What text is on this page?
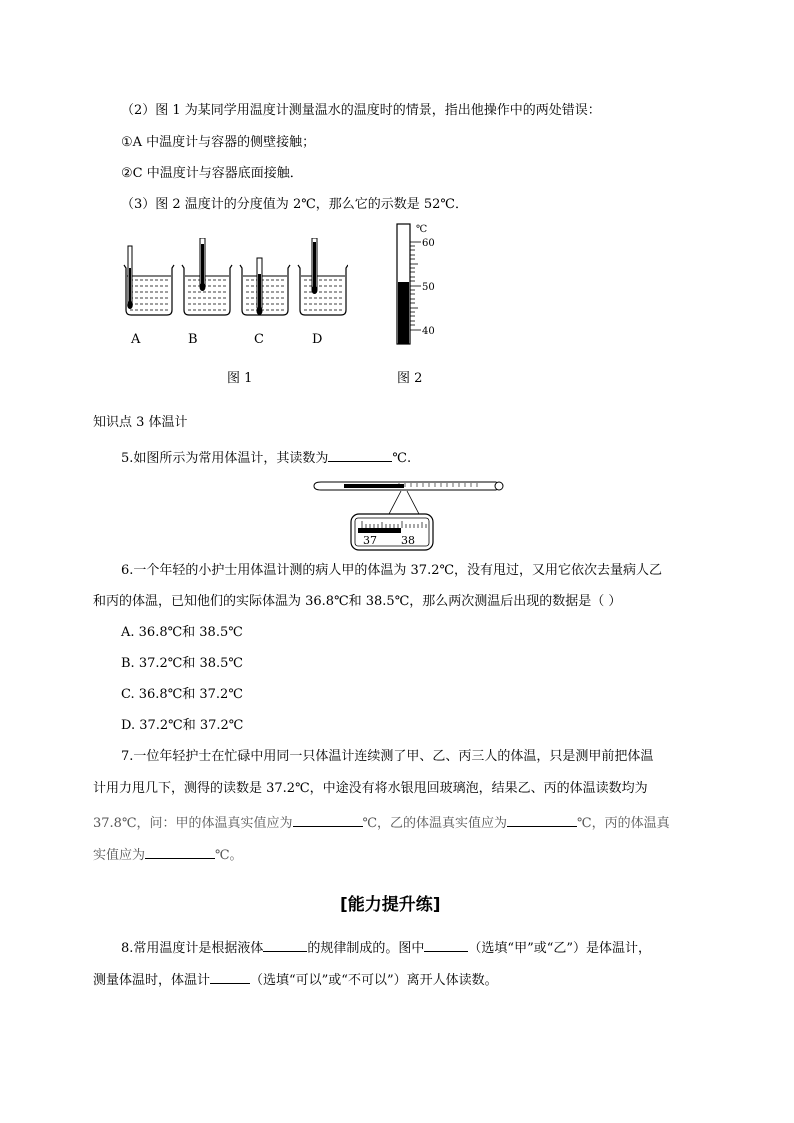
（2）图 1 为某同学用温度计测量温水的温度时的情景，指出他操作中的两处错误：
①A 中温度计与容器的侧壁接触；
②C 中温度计与容器底面接触．
（3）图 2 温度计的分度值为 2℃，那么它的示数是 52℃．
A	B	C	D
℃
60
50
40
图 1	图 2
知识点 3 体温计
5.如图所示为常用体温计，其读数为	℃.
37 38
6.一个年轻的小护士用体温计测的病人甲的体温为 37.2℃，没有甩过，又用它依次去量病人乙
和丙的体温，已知他们的实际体温为 36.8℃和 38.5℃，那么两次测温后出现的数据是（ ）
A. 36.8℃和 38.5℃
B. 37.2℃和 38.5℃
C. 36.8℃和 37.2℃
D. 37.2℃和 37.2℃
7.一位年轻护士在忙碌中用同一只体温计连续测了甲、乙、丙三人的体温，只是测甲前把体温
计用力甩几下，测得的读数是 37.2℃，中途没有将水银甩回玻璃泡，结果乙、丙的体温读数均为
37.8℃，问：甲的体温真实值应为	℃，乙的体温真实值应为	℃，丙的体温真
实值应为	℃。
[能力提升练]
8.常用温度计是根据液体	的规律制成的。图中	（选填“甲”或“乙”）是体温计，
测量体温时，体温计	（选填“可以”或“不可以”）离开人体读数。
